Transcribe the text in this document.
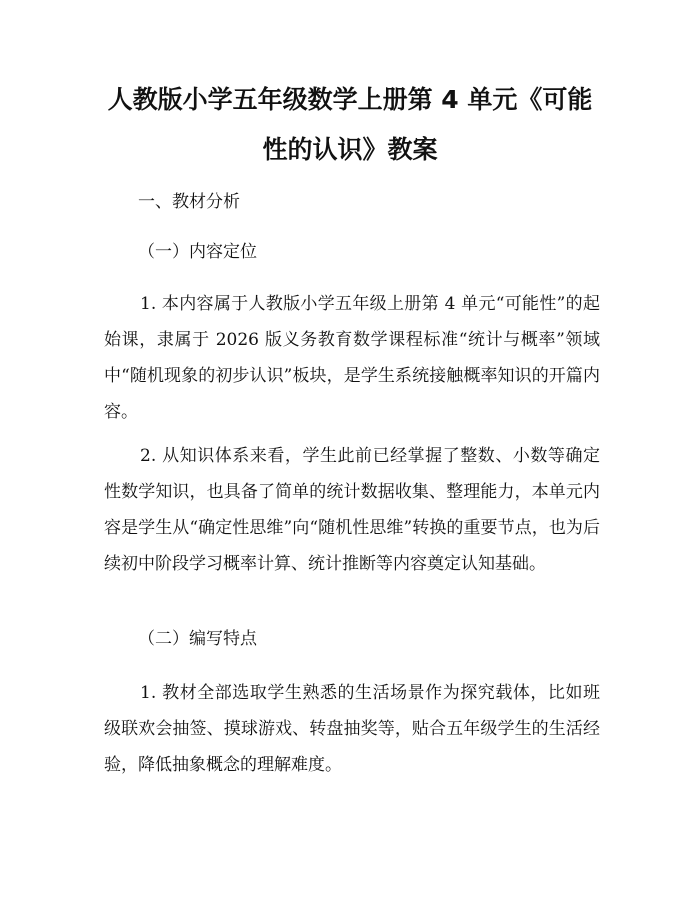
人教版小学五年级数学上册第 4 单元《可能
性的认识》教案
一、教材分析
（一）内容定位

1. 本内容属于人教版小学五年级上册第 4 单元“可能性”的起始课，隶属于 2026 版义务教育数学课程标准“统计与概率”领域中“随机现象的初步认识”板块，是学生系统接触概率知识的开篇内容。

2. 从知识体系来看，学生此前已经掌握了整数、小数等确定性数学知识，也具备了简单的统计数据收集、整理能力，本单元内容是学生从“确定性思维”向“随机性思维”转换的重要节点，也为后续初中阶段学习概率计算、统计推断等内容奠定认知基础。

（二）编写特点

1. 教材全部选取学生熟悉的生活场景作为探究载体，比如班级联欢会抽签、摸球游戏、转盘抽奖等，贴合五年级学生的生活经验，降低抽象概念的理解难度。
